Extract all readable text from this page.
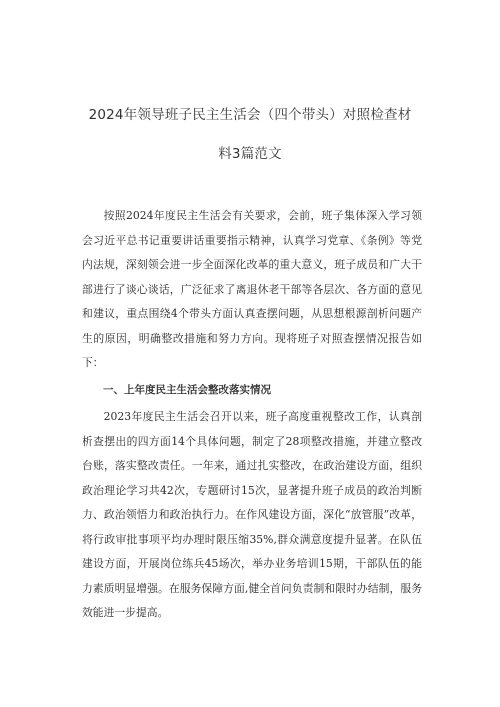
2024年领导班子民主生活会（四个带头）对照检查材
料3篇范文

按照2024年度民主生活会有关要求，会前，班子集体深入学习领会习近平总书记重要讲话重要指示精神，认真学习党章、《条例》等党内法规，深刻领会进一步全面深化改革的重大意义，班子成员和广大干部进行了谈心谈话，广泛征求了离退休老干部等各层次、各方面的意见和建议，重点围绕4个带头方面认真查摆问题，从思想根源剖析问题产生的原因，明确整改措施和努力方向。现将班子对照查摆情况报告如下：

一、上年度民主生活会整改落实情况

2023年度民主生活会召开以来，班子高度重视整改工作，认真剖析查摆出的四方面14个具体问题，制定了28项整改措施，并建立整改台账，落实整改责任。一年来，通过扎实整改，在政治建设方面，组织政治理论学习共42次，专题研讨15次，显著提升班子成员的政治判断力、政治领悟力和政治执行力。在作风建设方面，深化“放管服”改革，将行政审批事项平均办理时限压缩35%,群众满意度提升显著。在队伍建设方面，开展岗位练兵45场次，举办业务培训15期，干部队伍的能力素质明显增强。在服务保障方面,健全首问负责制和限时办结制，服务效能进一步提高。
